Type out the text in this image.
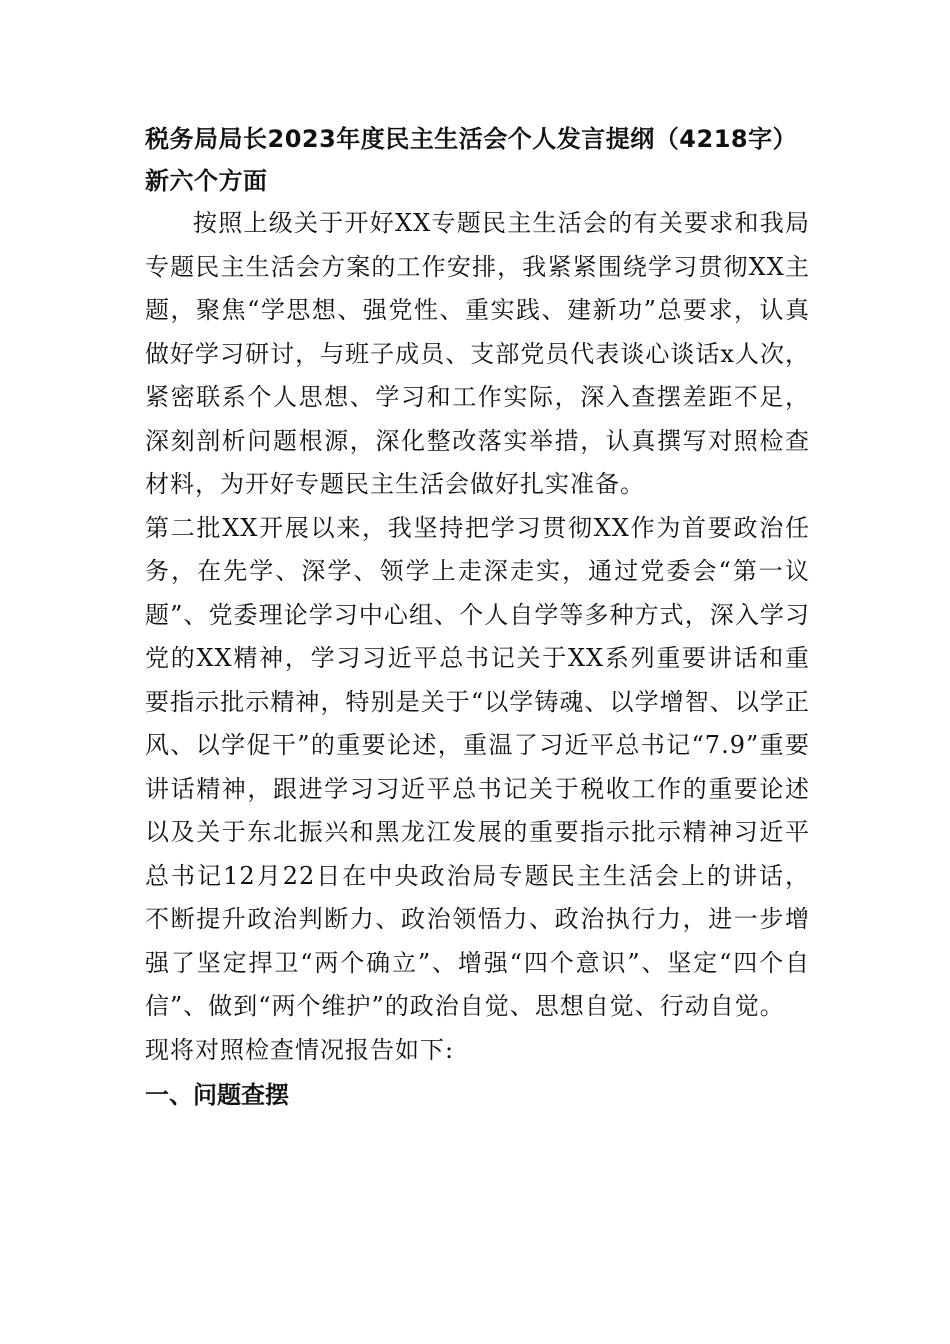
税务局局长2023年度民主生活会个人发言提纲（4218字）新六个方面

按照上级关于开好XX专题民主生活会的有关要求和我局专题民主生活会方案的工作安排，我紧紧围绕学习贯彻XX主题，聚焦“学思想、强党性、重实践、建新功”总要求，认真做好学习研讨，与班子成员、支部党员代表谈心谈话x人次，紧密联系个人思想、学习和工作实际，深入查摆差距不足，深刻剖析问题根源，深化整改落实举措，认真撰写对照检查材料，为开好专题民主生活会做好扎实准备。

第二批XX开展以来，我坚持把学习贯彻XX作为首要政治任务，在先学、深学、领学上走深走实，通过党委会“第一议题”、党委理论学习中心组、个人自学等多种方式，深入学习党的XX精神，学习习近平总书记关于XX系列重要讲话和重要指示批示精神，特别是关于“以学铸魂、以学增智、以学正风、以学促干”的重要论述，重温了习近平总书记“7.9”重要讲话精神，跟进学习习近平总书记关于税收工作的重要论述以及关于东北振兴和黑龙江发展的重要指示批示精神习近平总书记12月22日在中央政治局专题民主生活会上的讲话，不断提升政治判断力、政治领悟力、政治执行力，进一步增强了坚定捍卫“两个确立”、增强“四个意识”、坚定“四个自信”、做到“两个维护”的政治自觉、思想自觉、行动自觉。

现将对照检查情况报告如下:

一、问题查摆
